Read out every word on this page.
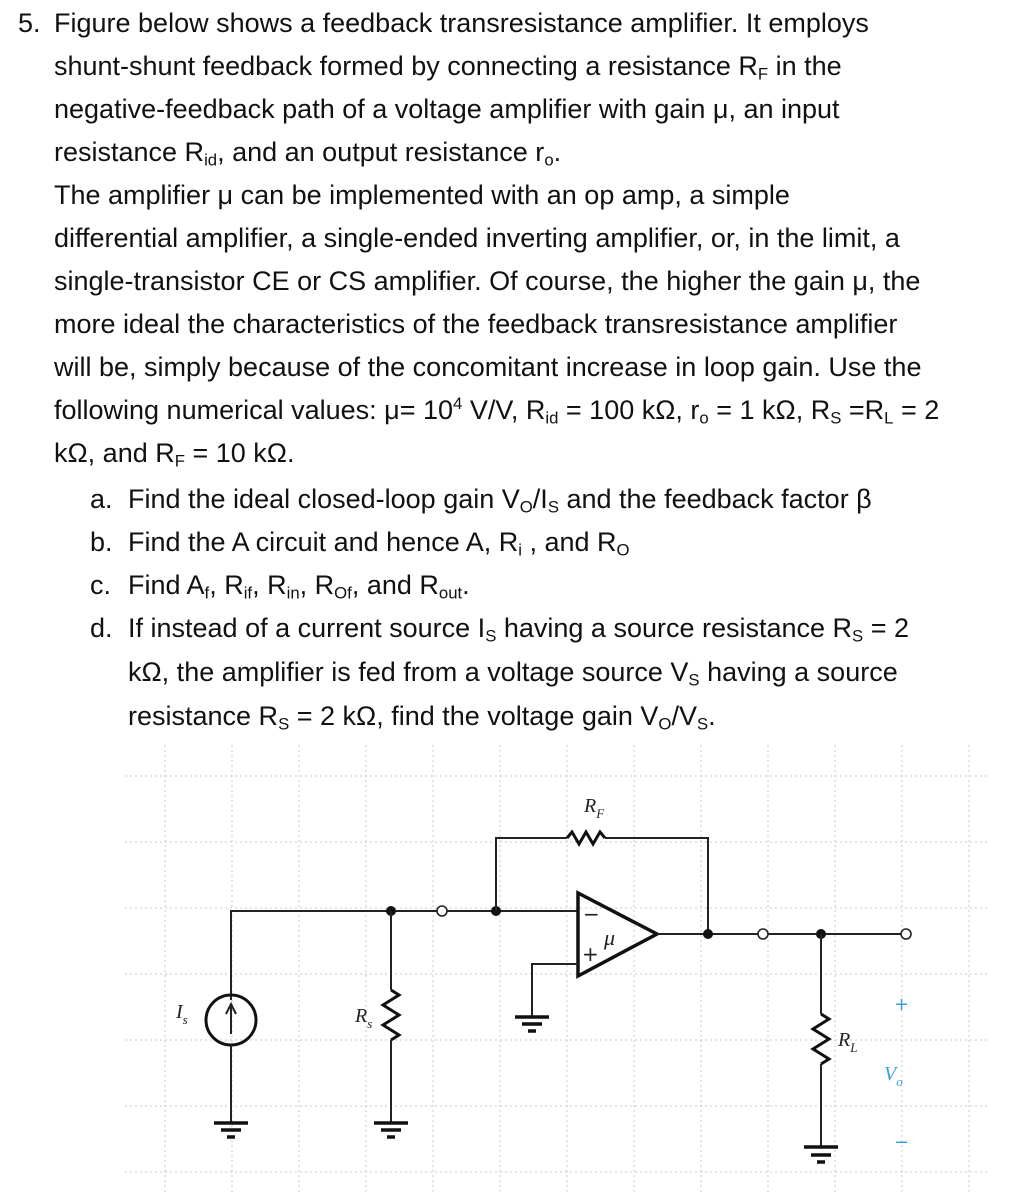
5. Figure below shows a feedback transresistance amplifier. It employs
shunt-shunt feedback formed by connecting a resistance $R_F$ in the
negative-feedback path of a voltage amplifier with gain μ, an input
resistance $R_{id}$, and an output resistance $r_o$.
The amplifier μ can be implemented with an op amp, a simple
differential amplifier, a single-ended inverting amplifier, or, in the limit, a
single-transistor CE or CS amplifier. Of course, the higher the gain μ, the
more ideal the characteristics of the feedback transresistance amplifier
will be, simply because of the concomitant increase in loop gain. Use the
following numerical values: $\mu= 10^4$ V/V, $R_{id} = 100$ kΩ, $r_o = 1$ kΩ, $R_S =R_L = 2$
kΩ, and $R_F = 10$ kΩ.
a. Find the ideal closed-loop gain $V_O/I_S$ and the feedback factor β
b. Find the A circuit and hence A, $R_i$ , and $R_O$
c. Find $A_f$, $R_{if}$, $R_{in}$, $R_{Of}$, and $R_{out}$.
d. If instead of a current source $I_S$ having a source resistance $R_S = 2$
kΩ, the amplifier is fed from a voltage source $V_S$ having a source
resistance $R_S = 2$ kΩ, find the voltage gain $V_O/V_S$.
$I_s$	$R_s$
$R_F$
−
+
μ
$R_L$
+
$V_o$
−
